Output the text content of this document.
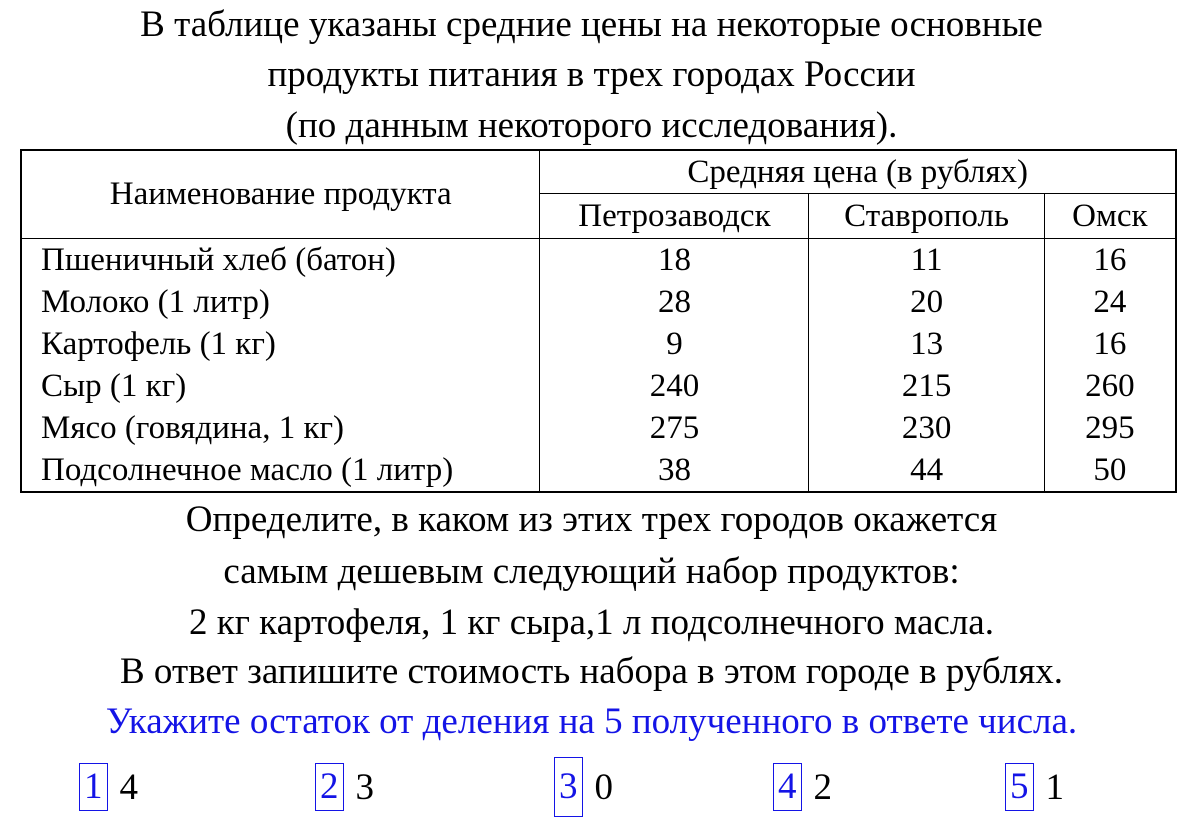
В таблице указаны средние цены на некоторые основные
продукты питания в трех городах России
(по данным некоторого исследования).
Наименование продукта	Средняя цена (в рублях)		
	Петрозаводск	Ставрополь	Омск
Пшеничный хлеб (батон)	18	11	16
Молоко (1 литр)	28	20	24
Картофель (1 кг)	9	13	16
Сыр (1 кг)	240	215	260
Мясо (говядина, 1 кг)	275	230	295
Подсолнечное масло (1 литр)	38	44	50
Определите, в каком из этих трех городов окажется
самым дешевым следующий набор продуктов:
2 кг картофеля, 1 кг сыра,1 л подсолнечного масла.
В ответ запишите стоимость набора в этом городе в рублях.
Укажите остаток от деления на 5 полученного в ответе числа.
1 4	2 3	3 0	4 2	5 1
